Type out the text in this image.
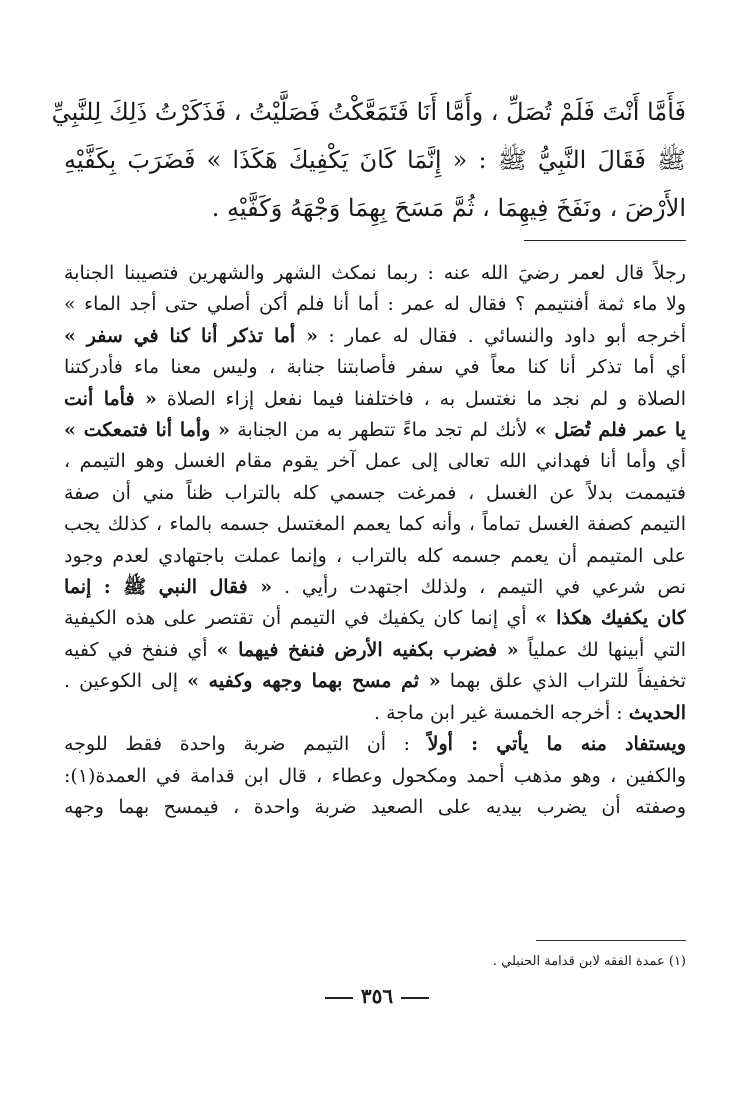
فَأَمَّا أَنْتَ فَلَمْ تُصَلِّ ، وأَمَّا أَنَا فَتَمَعَّكْتُ فَصَلَّيْتُ ، فَذَكَرْتُ ذَلِكَ لِلنَّبِيِّ
ﷺ فَقَالَ النَّبِيُّ ﷺ : « إِنَّمَا كَانَ يَكْفِيكَ هَكَذَا » فَضَرَبَ بِكَفَّيْهِ
الأَرْضَ ، ونَفَخَ فِيهِمَا ، ثُمَّ مَسَحَ بِهِمَا وَجْهَهُ وَكَفَّيْهِ .
رجلاً قال لعمر رضيَ الله عنه : ربما نمكث الشهر والشهرين فتصيبنا الجنابة
ولا ماء ثمة أفنتيمم ؟ فقال له عمر : أما أنا فلم أكن أصلي حتى أجد الماء »
أخرجه أبو داود والنسائي . فقال له عمار : « أما تذكر أنا كنا في سفر »
أي أما تذكر أنا كنا معاً في سفر فأصابتنا جنابة ، وليس معنا ماء فأدركتنا
الصلاة و لم نجد ما نغتسل به ، فاختلفنا فيما نفعل إزاء الصلاة « فأما أنت
يا عمر فلم تُصَل » لأنك لم تجد ماءً تتطهر به من الجنابة « وأما أنا فتمعكت »
أي وأما أنا فهداني الله تعالى إلى عمل آخر يقوم مقام الغسل وهو التيمم ،
فتيممت بدلاً عن الغسل ، فمرغت جسمي كله بالتراب ظناً مني أن صفة
التيمم كصفة الغسل تماماً ، وأنه كما يعمم المغتسل جسمه بالماء ، كذلك يجب
على المتيمم أن يعمم جسمه كله بالتراب ، وإنما عملت باجتهادي لعدم وجود
نص شرعي في التيمم ، ولذلك اجتهدت رأيي . « فقال النبي ﷺ : إنما
كان يكفيك هكذا » أي إنما كان يكفيك في التيمم أن تقتصر على هذه الكيفية
التي أبينها لك عملياً « فضرب بكفيه الأرض فنفخ فيهما » أي فنفخ في كفيه
تخفيفاً للتراب الذي علق بهما « ثم مسح بهما وجهه وكفيه » إلى الكوعين .
الحديث : أخرجه الخمسة غير ابن ماجة .
ويستفاد منه ما يأتي : أولاً : أن التيمم ضربة واحدة فقط للوجه
والكفين ، وهو مذهب أحمد ومكحول وعطاء ، قال ابن قدامة في العمدة(١):
وصفته أن يضرب بيديه على الصعيد ضربة واحدة ، فيمسح بهما وجهه
(١) عمدة الفقه لابن قدامة الحنبلي .
٣٥٦
